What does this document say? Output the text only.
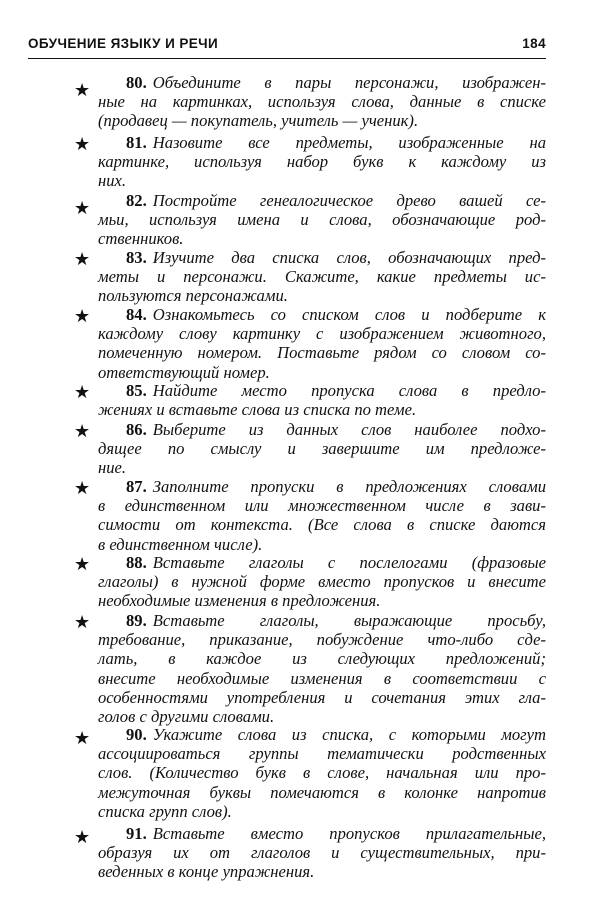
ОБУЧЕНИЕ ЯЗЫКУ И РЕЧИ	184
★	80. Объедините в пары персонажи, изображен-
ные на картинках, используя слова, данные в списке
(продавец — покупатель, учитель — ученик).
★	81. Назовите все предметы, изображенные на
картинке, используя набор букв к каждому из
них.
★	82. Постройте генеалогическое древо вашей се-
мьи, используя имена и слова, обозначающие род-
ственников.
★	83. Изучите два списка слов, обозначающих пред-
меты и персонажи. Скажите, какие предметы ис-
пользуются персонажами.
★	84. Ознакомьтесь со списком слов и подберите к
каждому слову картинку с изображением животного,
помеченную номером. Поставьте рядом со словом со-
ответствующий номер.
★	85. Найдите место пропуска слова в предло-
жениях и вставьте слова из списка по теме.
★	86. Выберите из данных слов наиболее подхо-
дящее по смыслу и завершите им предложе-
ние.
★	87. Заполните пропуски в предложениях словами
в единственном или множественном числе в зави-
симости от контекста. (Все слова в списке даются
в единственном числе).
★	88. Вставьте глаголы с послелогами (фразовые
глаголы) в нужной форме вместо пропусков и внесите
необходимые изменения в предложения.
★	89. Вставьте глаголы, выражающие просьбу,
требование, приказание, побуждение что-либо сде-
лать, в каждое из следующих предложений;
внесите необходимые изменения в соответствии с
особенностями употребления и сочетания этих гла-
голов с другими словами.
★	90. Укажите слова из списка, с которыми могут
ассоциироваться группы тематически родственных
слов. (Количество букв в слове, начальная или про-
межуточная буквы помечаются в колонке напротив
списка групп слов).
★	91. Вставьте вместо пропусков прилагательные,
образуя их от глаголов и существительных, при-
веденных в конце упражнения.
